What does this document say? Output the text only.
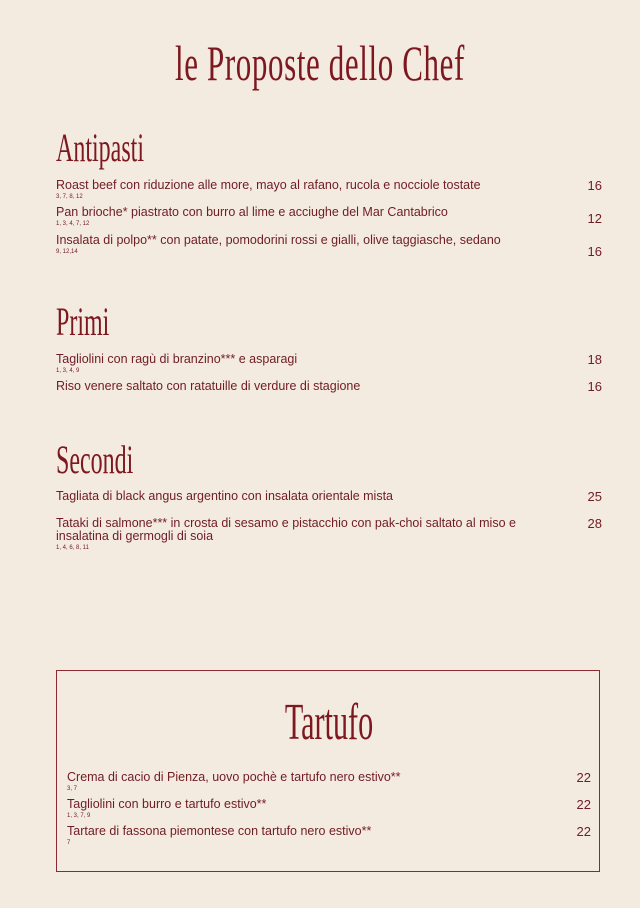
le Proposte dello Chef
Antipasti
Roast beef con riduzione alle more, mayo al rafano, rucola e nocciole tostate
3, 7, 8, 12
16
Pan brioche* piastrato con burro al lime e acciughe del Mar Cantabrico
1, 3, 4, 7, 12	12
Insalata di polpo** con patate, pomodorini rossi e gialli, olive taggiasche, sedano
9, 12,14	16
Primi
Tagliolini con ragù di branzino*** e asparagi
1, 3, 4, 9
18
Riso venere saltato con ratatuille di verdure di stagione	16
Secondi
Tagliata di black angus argentino con insalata orientale mista	25
Tataki di salmone*** in crosta di sesamo e pistacchio con pak-choi saltato al miso e insalatina di germogli di soia
1, 4, 6, 8, 11
28
Tartufo
Crema di cacio di Pienza, uovo pochè e tartufo nero estivo**
3, 7
22
Tagliolini con burro e tartufo estivo**
1, 3, 7, 9
22
Tartare di fassona piemontese con tartufo nero estivo**
7
22
